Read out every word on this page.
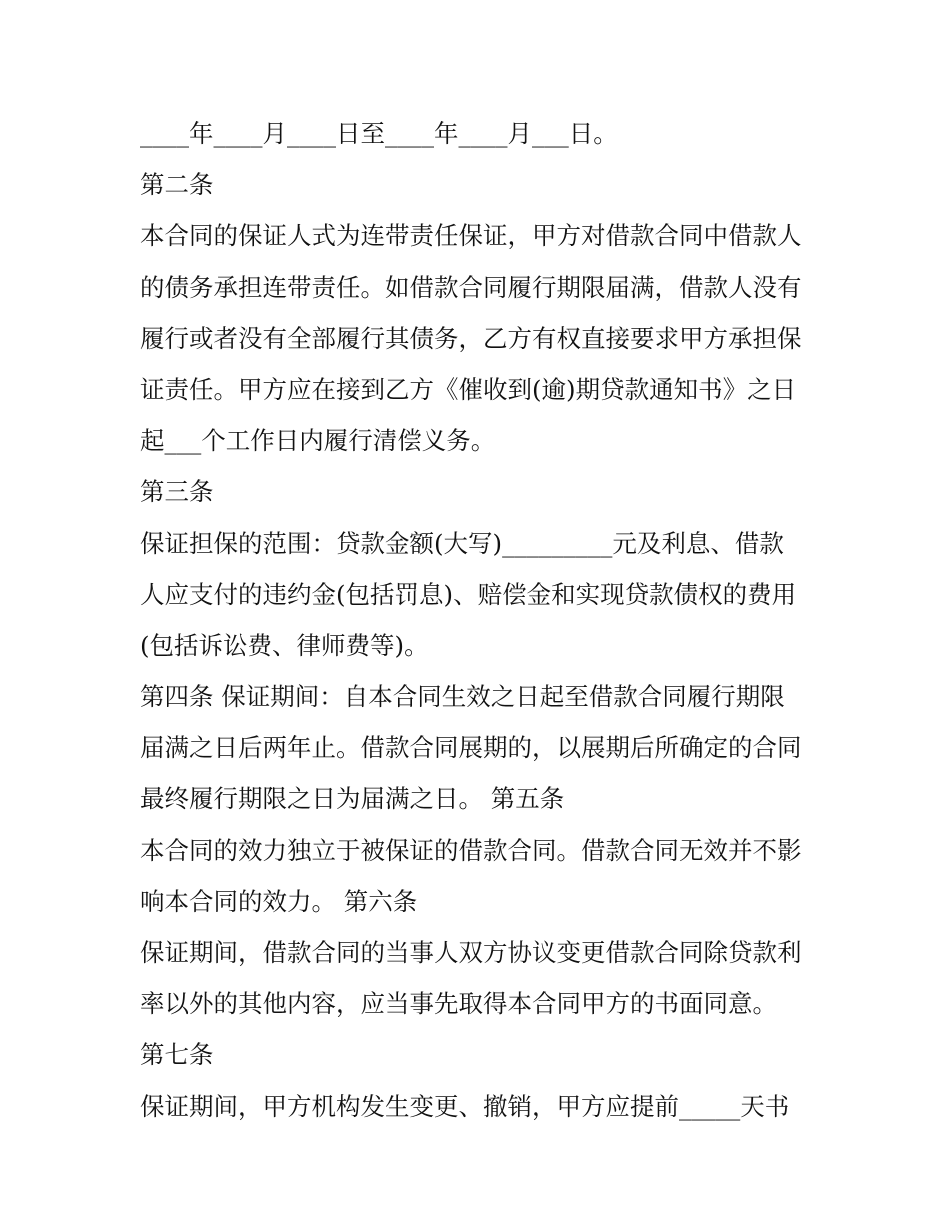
____年____月____日至____年____月___日。
第二条
本合同的保证人式为连带责任保证，甲方对借款合同中借款人
的债务承担连带责任。如借款合同履行期限届满，借款人没有
履行或者没有全部履行其债务，乙方有权直接要求甲方承担保
证责任。甲方应在接到乙方《催收到(逾)期贷款通知书》之日
起___个工作日内履行清偿义务。
第三条
保证担保的范围：贷款金额(大写)_________元及利息、借款
人应支付的违约金(包括罚息)、赔偿金和实现贷款债权的费用
(包括诉讼费、律师费等)。
第四条 保证期间：自本合同生效之日起至借款合同履行期限
届满之日后两年止。借款合同展期的，以展期后所确定的合同
最终履行期限之日为届满之日。 第五条
本合同的效力独立于被保证的借款合同。借款合同无效并不影
响本合同的效力。 第六条
保证期间，借款合同的当事人双方协议变更借款合同除贷款利
率以外的其他内容，应当事先取得本合同甲方的书面同意。
第七条
保证期间，甲方机构发生变更、撤销，甲方应提前_____天书
